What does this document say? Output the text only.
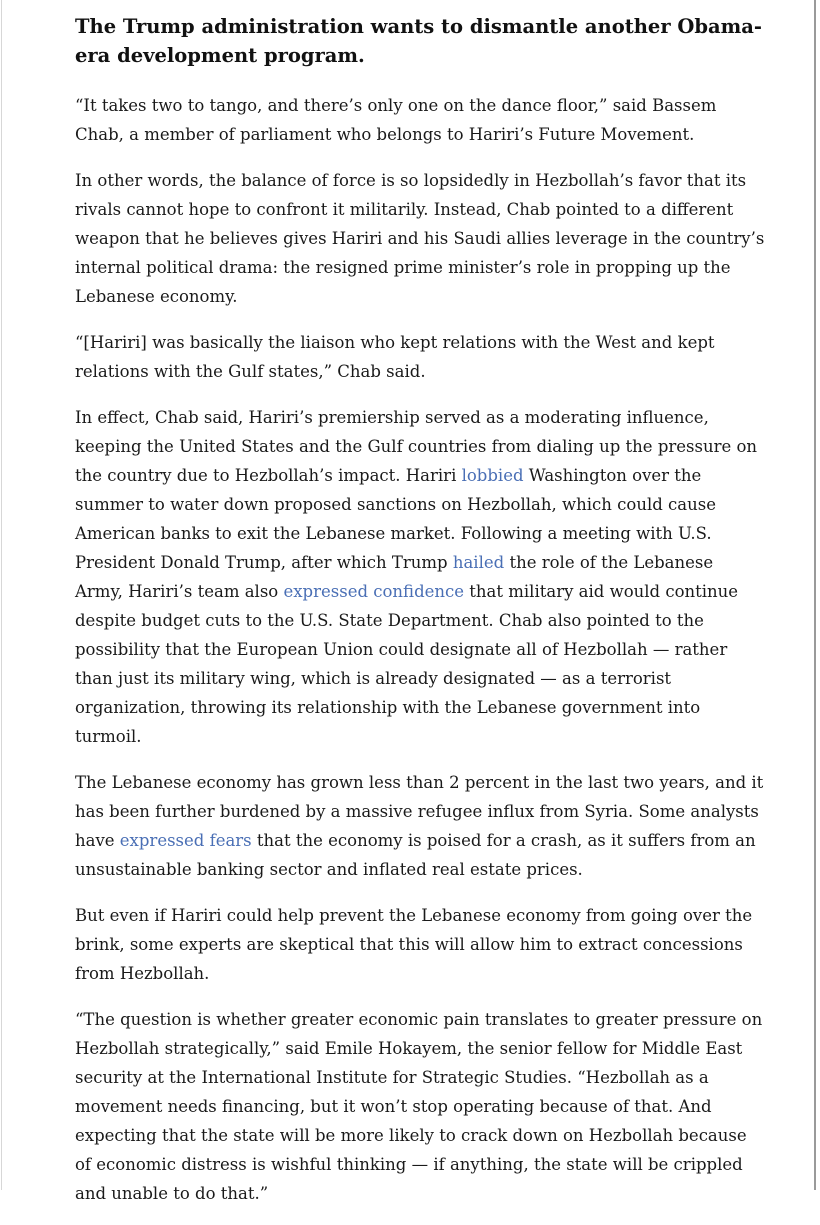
The Trump administration wants to dismantle another Obama-era development program.

“It takes two to tango, and there’s only one on the dance floor,” said Bassem Chab, a member of parliament who belongs to Hariri’s Future Movement.

In other words, the balance of force is so lopsidedly in Hezbollah’s favor that its rivals cannot hope to confront it militarily. Instead, Chab pointed to a different weapon that he believes gives Hariri and his Saudi allies leverage in the country’s internal political drama: the resigned prime minister’s role in propping up the Lebanese economy.

“[Hariri] was basically the liaison who kept relations with the West and kept relations with the Gulf states,” Chab said.

In effect, Chab said, Hariri’s premiership served as a moderating influence, keeping the United States and the Gulf countries from dialing up the pressure on the country due to Hezbollah’s impact. Hariri lobbied Washington over the summer to water down proposed sanctions on Hezbollah, which could cause American banks to exit the Lebanese market. Following a meeting with U.S. President Donald Trump, after which Trump hailed the role of the Lebanese Army, Hariri’s team also expressed confidence that military aid would continue despite budget cuts to the U.S. State Department. Chab also pointed to the possibility that the European Union could designate all of Hezbollah — rather than just its military wing, which is already designated — as a terrorist organization, throwing its relationship with the Lebanese government into turmoil.

The Lebanese economy has grown less than 2 percent in the last two years, and it has been further burdened by a massive refugee influx from Syria. Some analysts have expressed fears that the economy is poised for a crash, as it suffers from an unsustainable banking sector and inflated real estate prices.

But even if Hariri could help prevent the Lebanese economy from going over the brink, some experts are skeptical that this will allow him to extract concessions from Hezbollah.

“The question is whether greater economic pain translates to greater pressure on Hezbollah strategically,” said Emile Hokayem, the senior fellow for Middle East security at the International Institute for Strategic Studies. “Hezbollah as a movement needs financing, but it won’t stop operating because of that. And expecting that the state will be more likely to crack down on Hezbollah because of economic distress is wishful thinking — if anything, the state will be crippled and unable to do that.”
